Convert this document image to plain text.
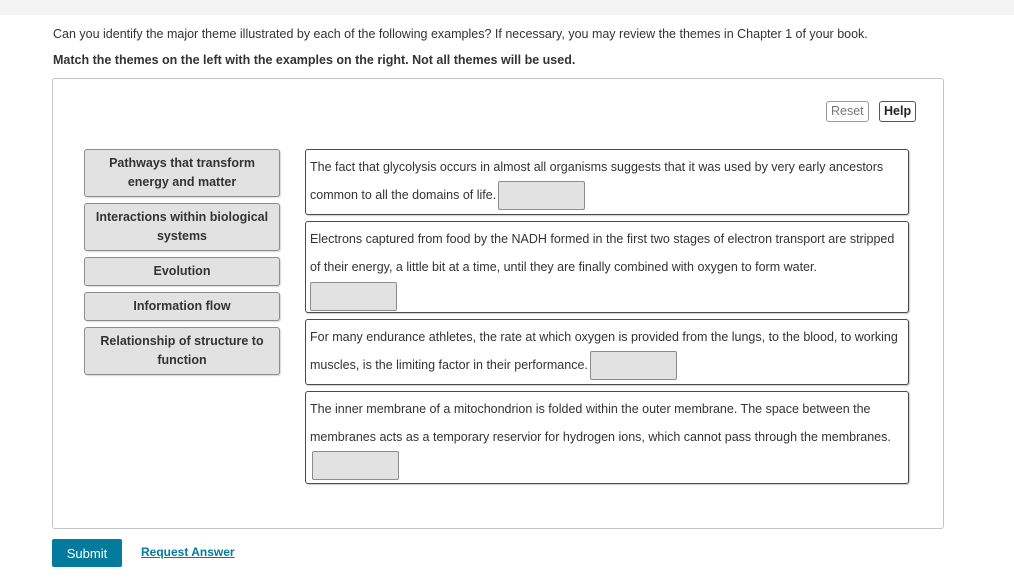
Can you identify the major theme illustrated by each of the following examples? If necessary, you may review the themes in Chapter 1 of your book.
Match the themes on the left with the examples on the right. Not all themes will be used.
Reset	Help
Pathways that transform energy and matter
Interactions within biological systems
Evolution
Information flow
Relationship of structure to function
The fact that glycolysis occurs in almost all organisms suggests that it was used by very early ancestors common to all the domains of life.
Electrons captured from food by the NADH formed in the first two stages of electron transport are stripped of their energy, a little bit at a time, until they are finally combined with oxygen to form water.
For many endurance athletes, the rate at which oxygen is provided from the lungs, to the blood, to working muscles, is the limiting factor in their performance.
The inner membrane of a mitochondrion is folded within the outer membrane. The space between the membranes acts as a temporary reservior for hydrogen ions, which cannot pass through the membranes.
Submit	Request Answer
